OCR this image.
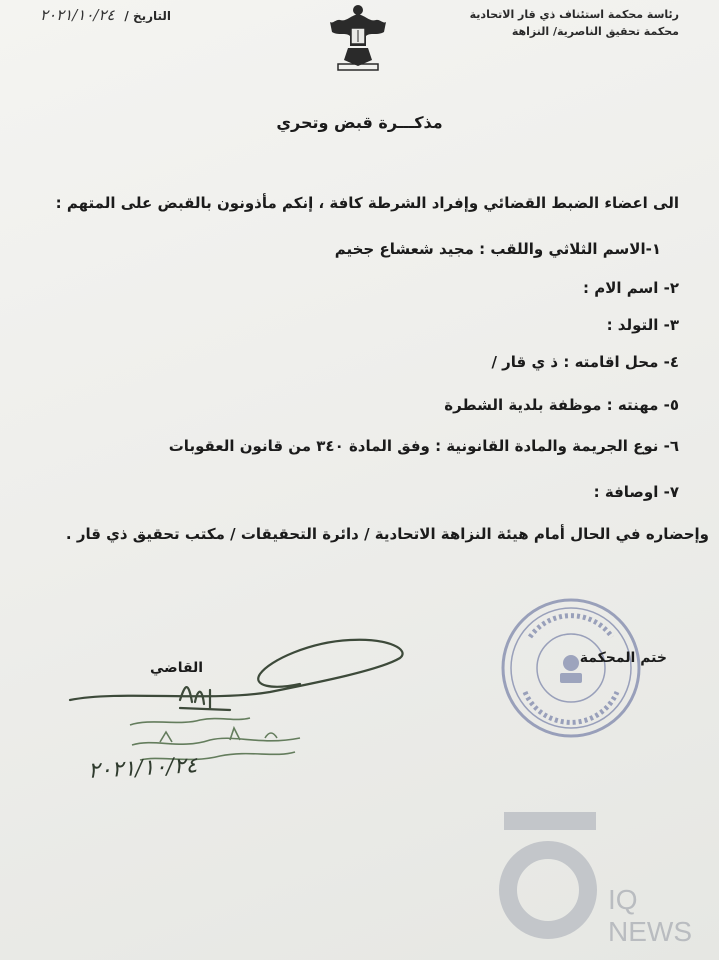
رئاسة محكمة استئناف ذي قار الاتحادية
محكمة تحقيق الناصرية/ النزاهة
التاريخ / ٢٠٢١/١٠/٢٤
مذكـــرة قبض وتحري
الى اعضاء الضبط القضائي وإفراد الشرطة كافة ، إنكم مأذونون بالقبض على المتهم :
١-الاسم الثلاثي واللقب : مجيد شعشاع جخيم
٢- اسم الام :
٣- التولد :
٤- محل اقامته : ذ ي قار /
٥- مهنته : موظفة بلدية الشطرة
٦- نوع الجريمة والمادة القانونية : وفق المادة ٣٤٠ من قانون العقوبات
٧- اوصافة :
وإحضاره في الحال أمام هيئة النزاهة الاتحادية / دائرة التحقيقات / مكتب تحقيق ذي قار .
ختم المحكمة
القاضي
٢٠٢١/١٠/٢٤
IQ NEWS
